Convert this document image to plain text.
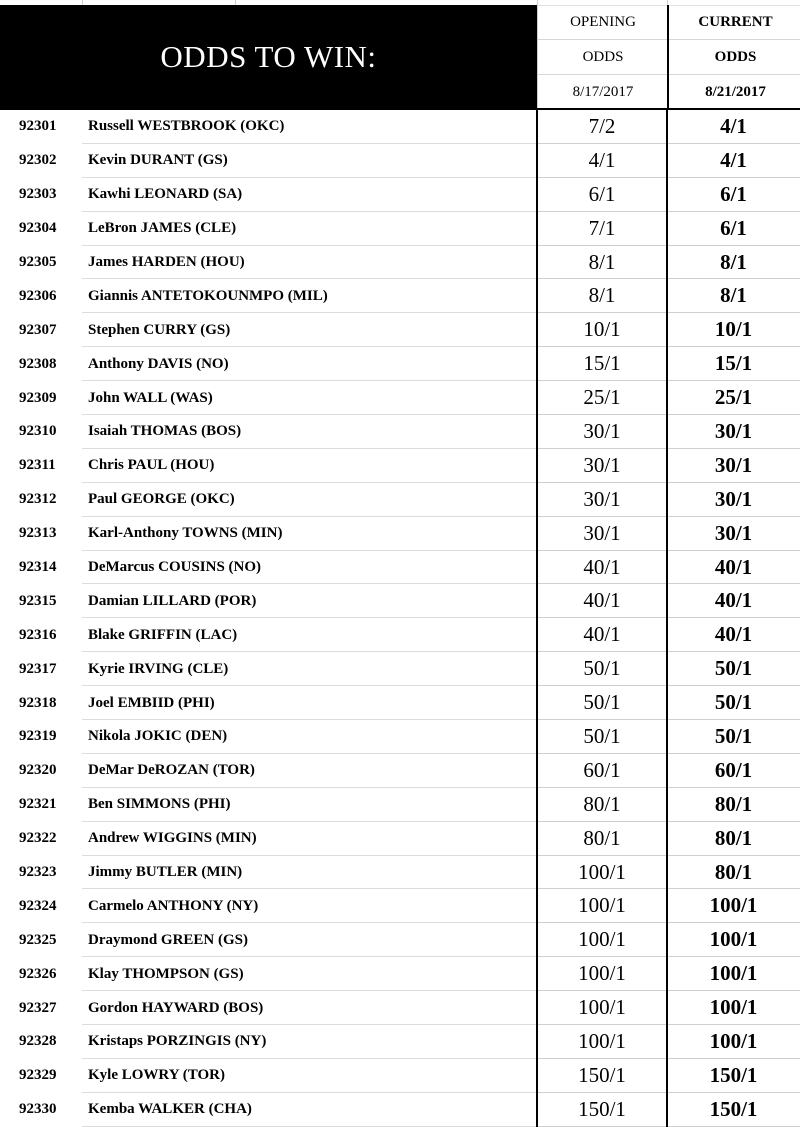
ODDS TO WIN:
OPENING
ODDS
8/17/2017
CURRENT
ODDS
8/21/2017
92301 Russell WESTBROOK (OKC)	7/2	4/1
92302 Kevin DURANT (GS)	4/1	4/1
92303 Kawhi LEONARD (SA)	6/1	6/1
92304 LeBron JAMES (CLE)	7/1	6/1
92305 James HARDEN (HOU)	8/1	8/1
92306 Giannis ANTETOKOUNMPO (MIL)	8/1	8/1
92307 Stephen CURRY (GS)	10/1	10/1
92308 Anthony DAVIS (NO)	15/1	15/1
92309 John WALL (WAS)	25/1	25/1
92310 Isaiah THOMAS (BOS)	30/1	30/1
92311 Chris PAUL (HOU)	30/1	30/1
92312 Paul GEORGE (OKC)	30/1	30/1
92313 Karl-Anthony TOWNS (MIN)	30/1	30/1
92314 DeMarcus COUSINS (NO)	40/1	40/1
92315 Damian LILLARD (POR)	40/1	40/1
92316 Blake GRIFFIN (LAC)	40/1	40/1
92317 Kyrie IRVING (CLE)	50/1	50/1
92318 Joel EMBIID (PHI)	50/1	50/1
92319 Nikola JOKIC (DEN)	50/1	50/1
92320 DeMar DeROZAN (TOR)	60/1	60/1
92321 Ben SIMMONS (PHI)	80/1	80/1
92322 Andrew WIGGINS (MIN)	80/1	80/1
92323 Jimmy BUTLER (MIN)	100/1	80/1
92324 Carmelo ANTHONY (NY)	100/1	100/1
92325 Draymond GREEN (GS)	100/1	100/1
92326 Klay THOMPSON (GS)	100/1	100/1
92327 Gordon HAYWARD (BOS)	100/1	100/1
92328 Kristaps PORZINGIS (NY)	100/1	100/1
92329 Kyle LOWRY (TOR)	150/1	150/1
92330 Kemba WALKER (CHA)	150/1	150/1
